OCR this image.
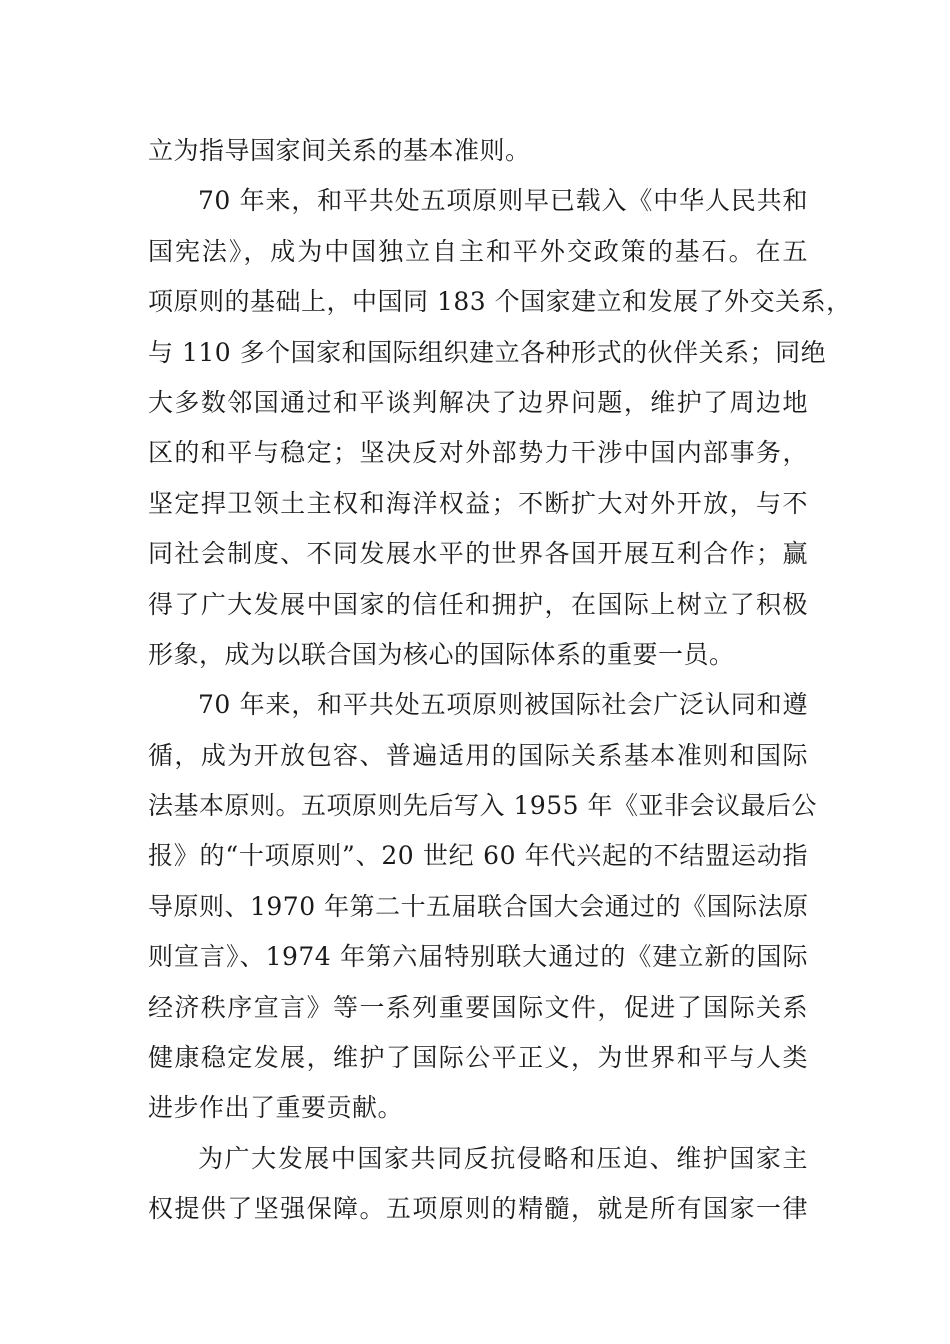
立为指导国家间关系的基本准则。
70 年来，和平共处五项原则早已载入《中华人民共和
国宪法》，成为中国独立自主和平外交政策的基石。在五
项原则的基础上，中国同 183 个国家建立和发展了外交关系，
与 110 多个国家和国际组织建立各种形式的伙伴关系；同绝
大多数邻国通过和平谈判解决了边界问题，维护了周边地
区的和平与稳定；坚决反对外部势力干涉中国内部事务，
坚定捍卫领土主权和海洋权益；不断扩大对外开放，与不
同社会制度、不同发展水平的世界各国开展互利合作；赢
得了广大发展中国家的信任和拥护，在国际上树立了积极
形象，成为以联合国为核心的国际体系的重要一员。
70 年来，和平共处五项原则被国际社会广泛认同和遵
循，成为开放包容、普遍适用的国际关系基本准则和国际
法基本原则。五项原则先后写入 1955 年《亚非会议最后公
报》的“十项原则”、20 世纪 60 年代兴起的不结盟运动指
导原则、1970 年第二十五届联合国大会通过的《国际法原
则宣言》、1974 年第六届特别联大通过的《建立新的国际
经济秩序宣言》等一系列重要国际文件，促进了国际关系
健康稳定发展，维护了国际公平正义，为世界和平与人类
进步作出了重要贡献。
为广大发展中国家共同反抗侵略和压迫、维护国家主
权提供了坚强保障。五项原则的精髓，就是所有国家一律
